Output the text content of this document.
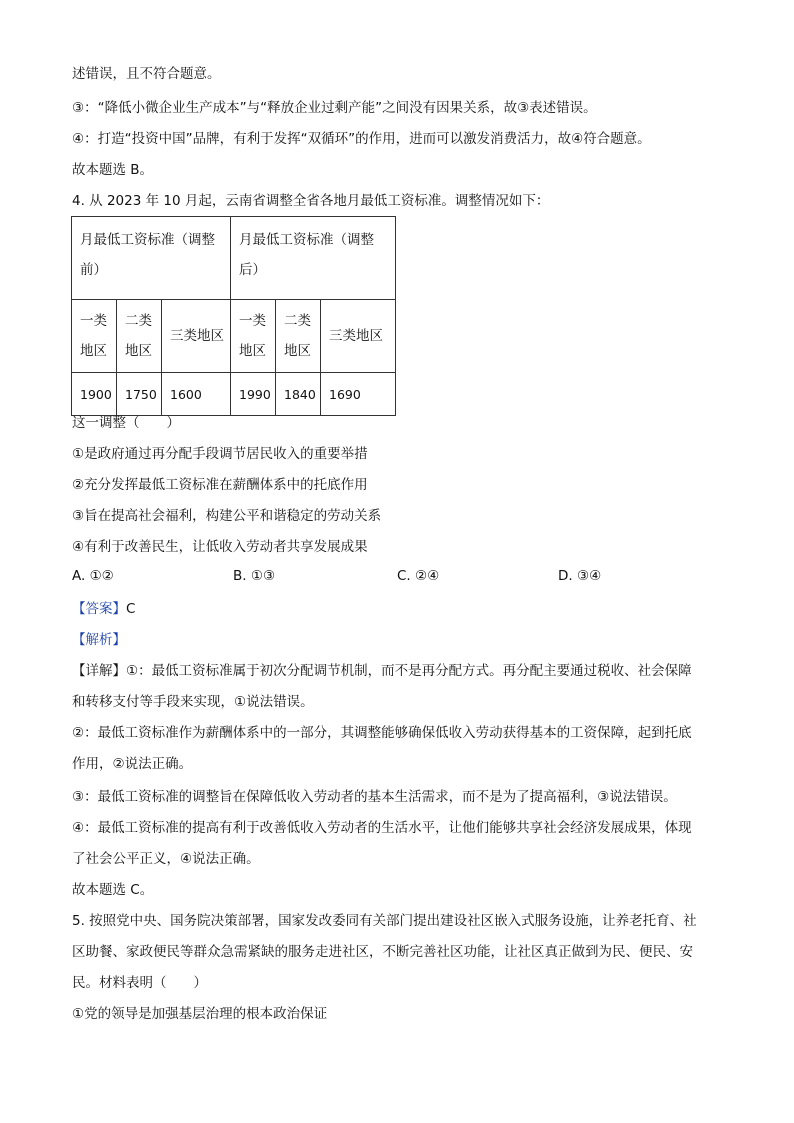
述错误，且不符合题意。
③：“降低小微企业生产成本”与“释放企业过剩产能”之间没有因果关系，故③表述错误。
④：打造“投资中国”品牌，有利于发挥“双循环”的作用，进而可以激发消费活力，故④符合题意。
故本题选 B。
4. 从 2023 年 10 月起，云南省调整全省各地月最低工资标准。调整情况如下：
月最低工资标准（调整前）			月最低工资标准（调整后）		

一类地区	二类地区	三类地区	一类地区	二类地区	三类地区

1900	1750	1600	1990	1840	1690
这一调整（　　）
①是政府通过再分配手段调节居民收入的重要举措
②充分发挥最低工资标准在薪酬体系中的托底作用
③旨在提高社会福利，构建公平和谐稳定的劳动关系
④有利于改善民生，让低收入劳动者共享发展成果
A. ①②	B. ①③	C. ②④	D. ③④
【答案】C
【解析】
【详解】①：最低工资标准属于初次分配调节机制，而不是再分配方式。再分配主要通过税收、社会保障
和转移支付等手段来实现，①说法错误。
②：最低工资标准作为薪酬体系中的一部分，其调整能够确保低收入劳动获得基本的工资保障，起到托底
作用，②说法正确。
③：最低工资标准的调整旨在保障低收入劳动者的基本生活需求，而不是为了提高福利，③说法错误。
④：最低工资标准的提高有利于改善低收入劳动者的生活水平，让他们能够共享社会经济发展成果，体现
了社会公平正义，④说法正确。
故本题选 C。
5. 按照党中央、国务院决策部署，国家发改委同有关部门提出建设社区嵌入式服务设施，让养老托育、社
区助餐、家政便民等群众急需紧缺的服务走进社区，不断完善社区功能，让社区真正做到为民、便民、安
民。材料表明（　　）
①党的领导是加强基层治理的根本政治保证
